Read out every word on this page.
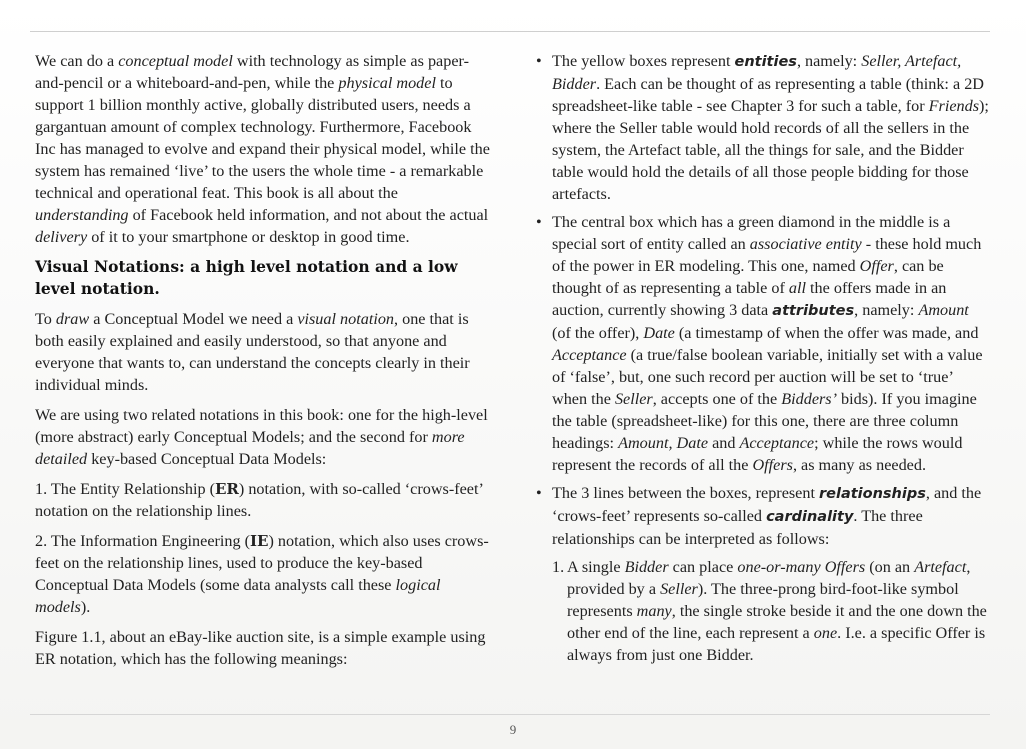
We can do a conceptual model with technology as simple as paper-and-pencil or a whiteboard-and-pen, while the physical model to support 1 billion monthly active, globally distributed users, needs a gargantuan amount of complex technology. Furthermore, Facebook Inc has managed to evolve and expand their physical model, while the system has remained ‘live’ to the users the whole time - a remarkable technical and operational feat. This book is all about the understanding of Facebook held information, and not about the actual delivery of it to your smartphone or desktop in good time.

Visual Notations: a high level notation and a low level notation.

To draw a Conceptual Model we need a visual notation, one that is both easily explained and easily understood, so that anyone and everyone that wants to, can understand the concepts clearly in their individual minds.

We are using two related notations in this book: one for the high-level (more abstract) early Conceptual Models; and the second for more detailed key-based Conceptual Data Models:

1. The Entity Relationship (ER) notation, with so-called ‘crows-feet’ notation on the relationship lines.

2. The Information Engineering (IE) notation, which also uses crows-feet on the relationship lines, used to produce the key-based Conceptual Data Models (some data analysts call these logical models).

Figure 1.1, about an eBay-like auction site, is a simple example using ER notation, which has the following meanings:

• The yellow boxes represent entities, namely: Seller, Artefact, Bidder. Each can be thought of as representing a table (think: a 2D spreadsheet-like table - see Chapter 3 for such a table, for Friends); where the Seller table would hold records of all the sellers in the system, the Artefact table, all the things for sale, and the Bidder table would hold the details of all those people bidding for those artefacts.
• The central box which has a green diamond in the middle is a special sort of entity called an associative entity - these hold much of the power in ER modeling. This one, named Offer, can be thought of as representing a table of all the offers made in an auction, currently showing 3 data attributes, namely: Amount (of the offer), Date (a timestamp of when the offer was made, and Acceptance (a true/false boolean variable, initially set with a value of ‘false’, but, one such record per auction will be set to ‘true’ when the Seller, accepts one of the Bidders’ bids). If you imagine the table (spreadsheet-like) for this one, there are three column headings: Amount, Date and Acceptance; while the rows would represent the records of all the Offers, as many as needed.
• The 3 lines between the boxes, represent relationships, and the ‘crows-feet’ represents so-called cardinality. The three relationships can be interpreted as follows:
1. A single Bidder can place one-or-many Offers (on an Artefact, provided by a Seller). The three-prong bird-foot-like symbol represents many, the single stroke beside it and the one down the other end of the line, each represent a one. I.e. a specific Offer is always from just one Bidder.
9
